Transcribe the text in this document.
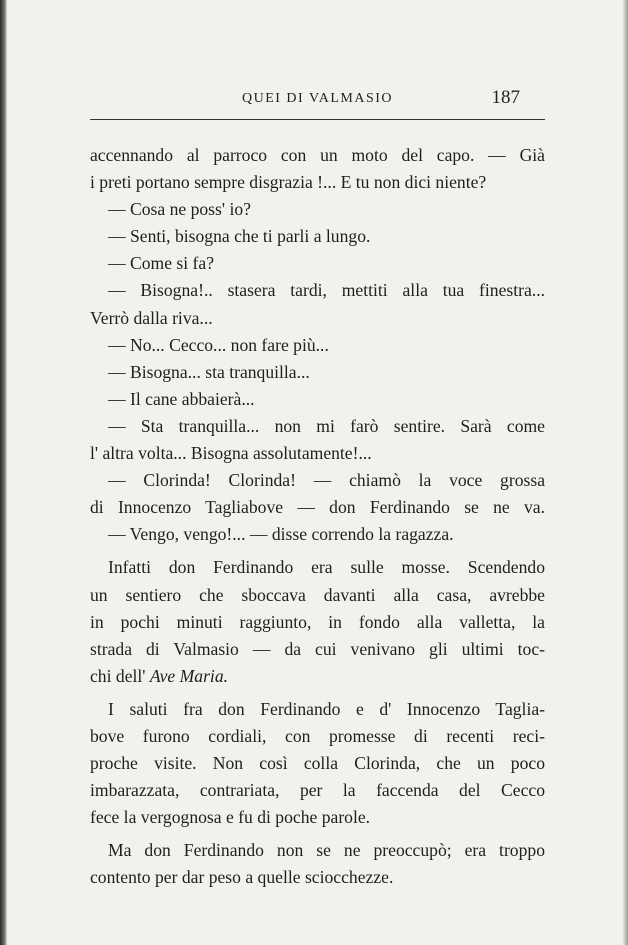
QUEI DI VALMASIO	187
accennando al parroco con un moto del capo. — Già
i preti portano sempre disgrazia !... E tu non dici niente?
— Cosa ne poss' io?
— Senti, bisogna che ti parli a lungo.
— Come si fa?
— Bisogna!.. stasera tardi, mettiti alla tua finestra...
Verrò dalla riva...
— No... Cecco... non fare più...
— Bisogna... sta tranquilla...
— Il cane abbaierà...
— Sta tranquilla... non mi farò sentire. Sarà come
l' altra volta... Bisogna assolutamente!...
— Clorinda! Clorinda! — chiamò la voce grossa
di Innocenzo Tagliabove — don Ferdinando se ne va.
— Vengo, vengo!... — disse correndo la ragazza.
Infatti don Ferdinando era sulle mosse. Scendendo
un sentiero che sboccava davanti alla casa, avrebbe
in pochi minuti raggiunto, in fondo alla valletta, la
strada di Valmasio — da cui venivano gli ultimi toc-
chi dell' Ave Maria.
I saluti fra don Ferdinando e d' Innocenzo Taglia-
bove furono cordiali, con promesse di recenti reci-
proche visite. Non così colla Clorinda, che un poco
imbarazzata, contrariata, per la faccenda del Cecco
fece la vergognosa e fu di poche parole.
Ma don Ferdinando non se ne preoccupò; era troppo
contento per dar peso a quelle sciocchezze.
